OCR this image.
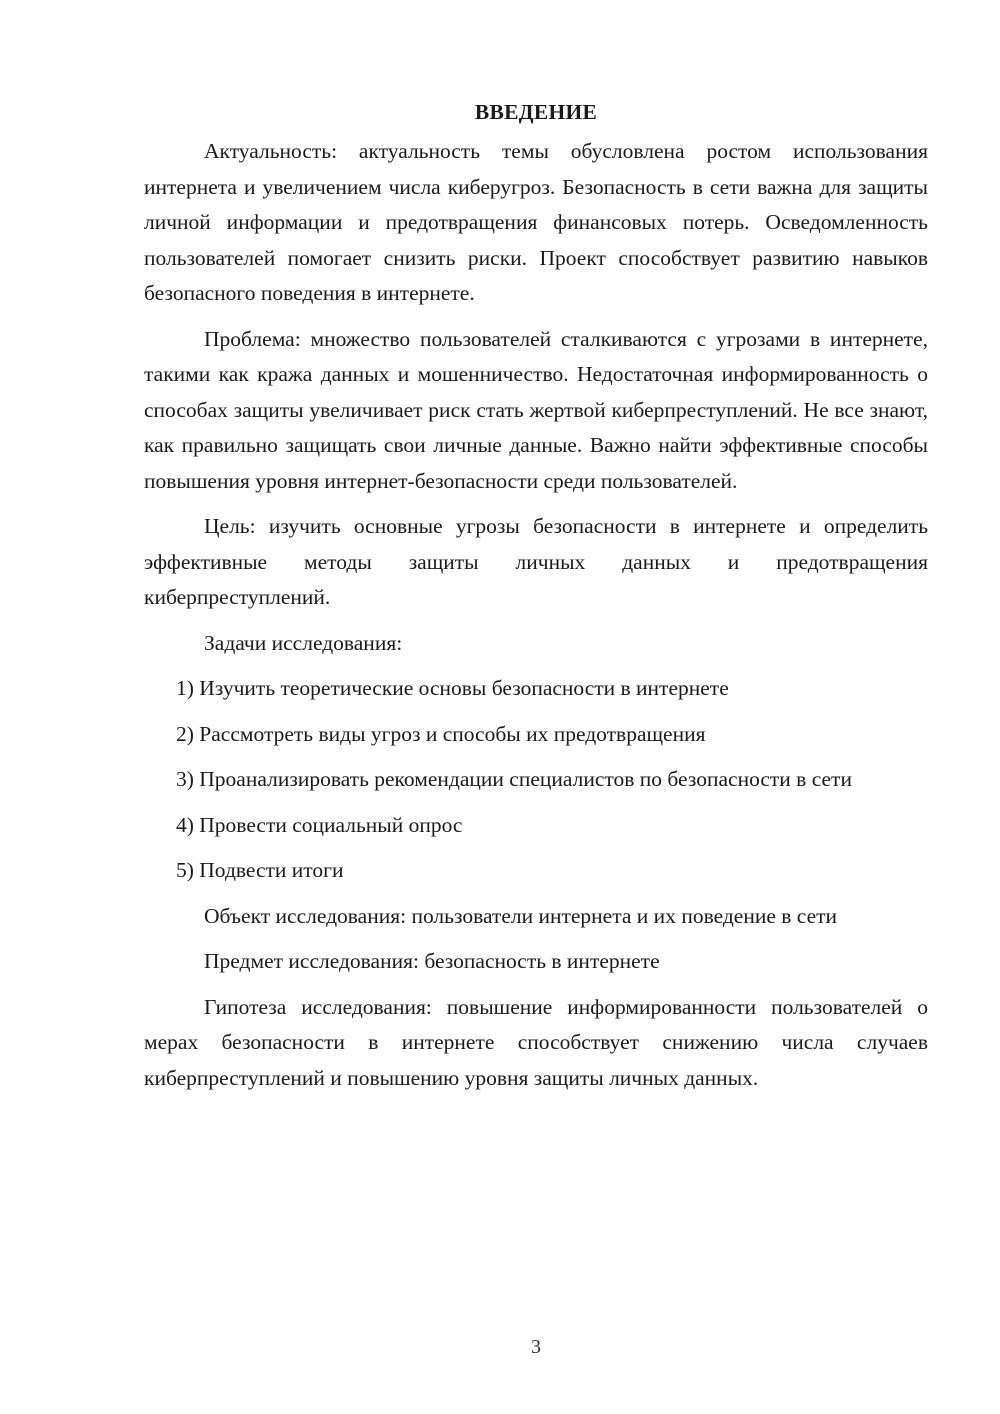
ВВЕДЕНИЕ

Актуальность: актуальность темы обусловлена ростом использования интернета и увеличением числа киберугроз. Безопасность в сети важна для защиты личной информации и предотвращения финансовых потерь. Осведомленность пользователей помогает снизить риски. Проект способствует развитию навыков безопасного поведения в интернете.

Проблема: множество пользователей сталкиваются с угрозами в интернете, такими как кража данных и мошенничество. Недостаточная информированность о способах защиты увеличивает риск стать жертвой киберпреступлений. Не все знают, как правильно защищать свои личные данные. Важно найти эффективные способы повышения уровня интернет-безопасности среди пользователей.

Цель: изучить основные угрозы безопасности в интернете и определить эффективные методы защиты личных данных и предотвращения киберпреступлений.

Задачи исследования:

1) Изучить теоретические основы безопасности в интернете

2) Рассмотреть виды угроз и способы их предотвращения

3) Проанализировать рекомендации специалистов по безопасности в сети

4) Провести социальный опрос

5) Подвести итоги

Объект исследования: пользователи интернета и их поведение в сети

Предмет исследования: безопасность в интернете

Гипотеза исследования: повышение информированности пользователей о мерах безопасности в интернете способствует снижению числа случаев киберпреступлений и повышению уровня защиты личных данных.

3
